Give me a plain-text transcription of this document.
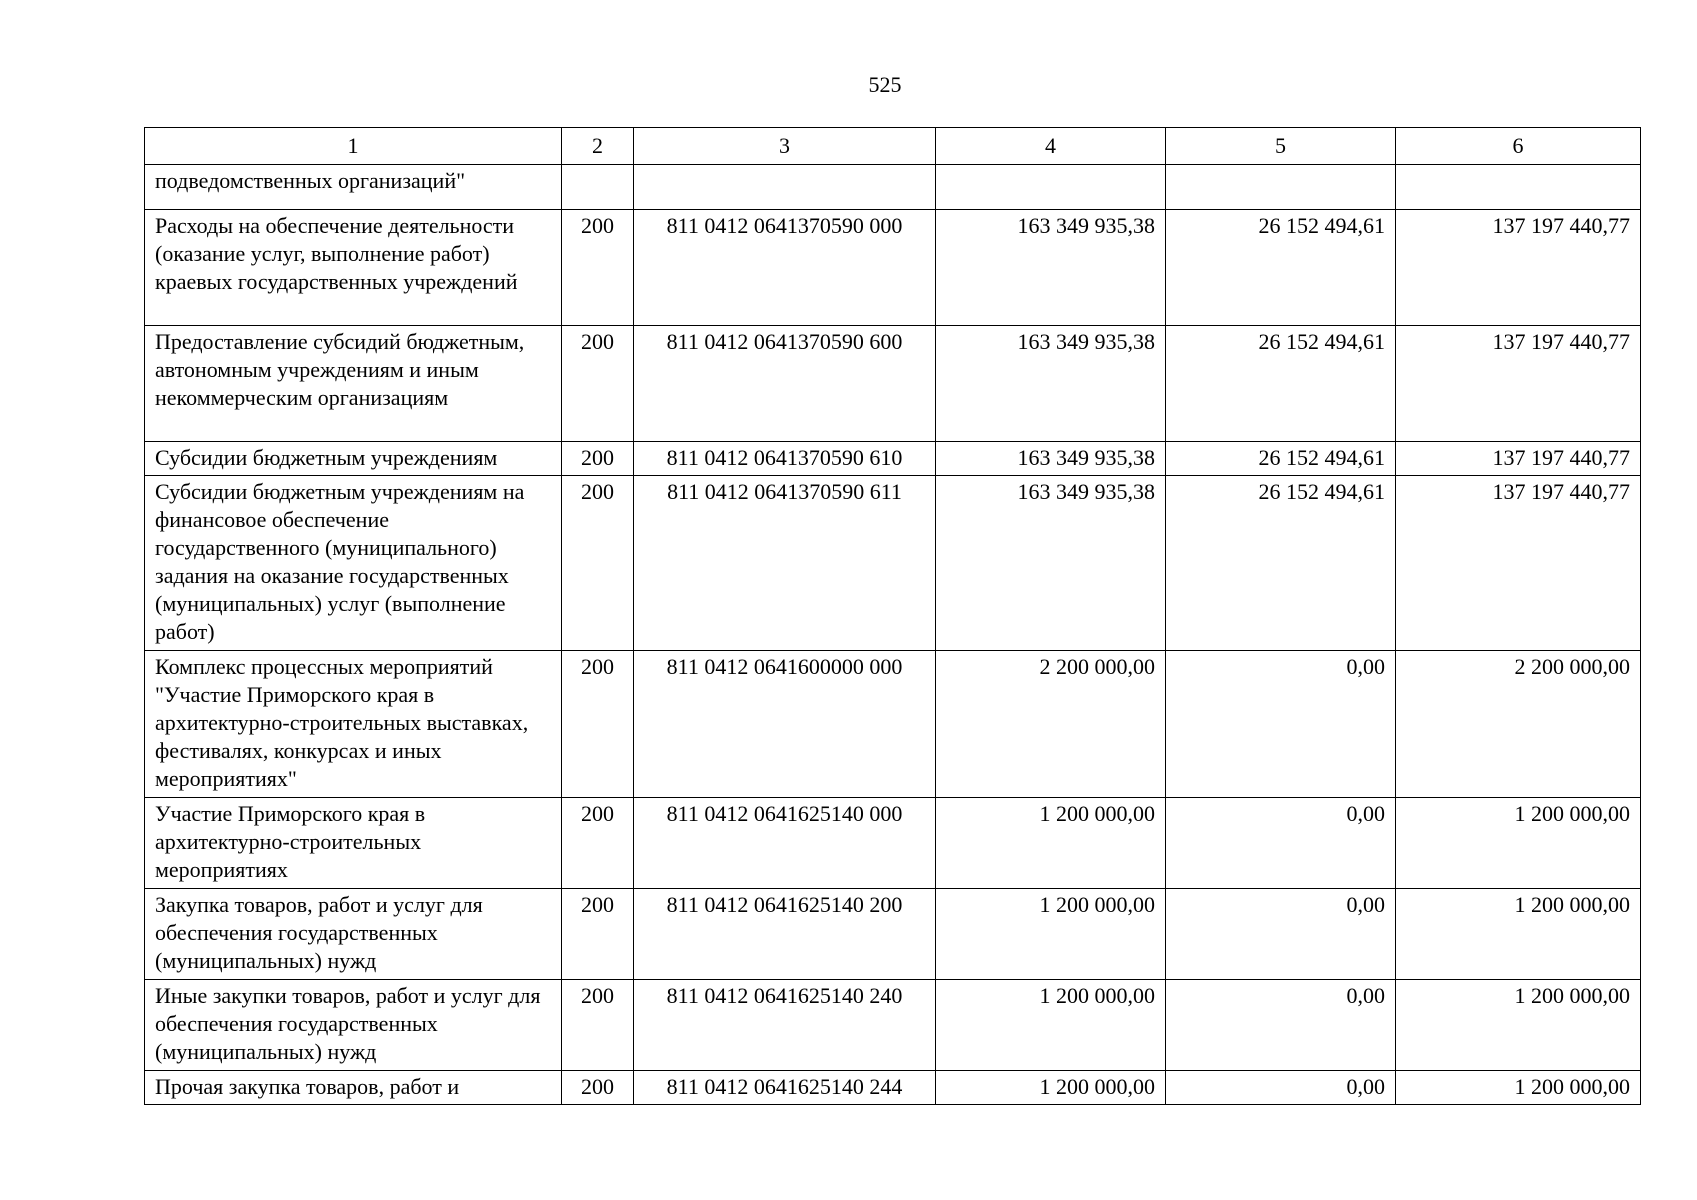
525
1	2	3	4	5	6
подведомственных организаций"					
Расходы на обеспечение деятельности (оказание услуг, выполнение работ) краевых государственных учреждений	200	811 0412 0641370590 000	163 349 935,38	26 152 494,61	137 197 440,77
Предоставление субсидий бюджетным, автономным учреждениям и иным некоммерческим организациям	200	811 0412 0641370590 600	163 349 935,38	26 152 494,61	137 197 440,77
Субсидии бюджетным учреждениям	200	811 0412 0641370590 610	163 349 935,38	26 152 494,61	137 197 440,77
Субсидии бюджетным учреждениям на финансовое обеспечение государственного (муниципального) задания на оказание государственных (муниципальных) услуг (выполнение работ)	200	811 0412 0641370590 611	163 349 935,38	26 152 494,61	137 197 440,77
Комплекс процессных мероприятий "Участие Приморского края в архитектурно-строительных выставках, фестивалях, конкурсах и иных мероприятиях"	200	811 0412 0641600000 000	2 200 000,00	0,00	2 200 000,00
Участие Приморского края в архитектурно-строительных мероприятиях	200	811 0412 0641625140 000	1 200 000,00	0,00	1 200 000,00
Закупка товаров, работ и услуг для обеспечения государственных (муниципальных) нужд	200	811 0412 0641625140 200	1 200 000,00	0,00	1 200 000,00
Иные закупки товаров, работ и услуг для обеспечения государственных (муниципальных) нужд	200	811 0412 0641625140 240	1 200 000,00	0,00	1 200 000,00
Прочая закупка товаров, работ и	200	811 0412 0641625140 244	1 200 000,00	0,00	1 200 000,00
